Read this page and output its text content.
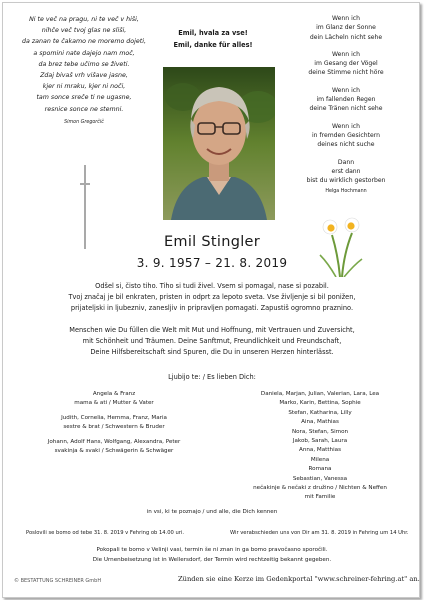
Ni te več na pragu, ni te več v hiši,
nihče več tvoj glas ne sliši,
da zanan te čakamo ne moremo dojeti,
a spomini nate dajejo nam moč,
da brez tebe učimo se živeti.
Zdaj bivaš vrh višave jasne,
kjer ni mraku, kjer ni noči,
tam sonce sreče ti ne ugasne,
resnice sonce ne stemni.
Simon Gregorčič
Emil, hvala za vse!
Emil, danke für alles!
Wenn ich
im Glanz der Sonne
dein Lächeln nicht sehe
Wenn ich
im Gesang der Vögel
deine Stimme nicht höre
Wenn ich
im fallenden Regen
deine Tränen nicht sehe
Wenn ich
in fremden Gesichtern
deines nicht suche
Dann
erst dann
bist du wirklich gestorben
Helga Hochmann
Emil Stingler
3. 9. 1957 – 21. 8. 2019
Odšel si, čisto tiho. Tiho si tudi živel. Vsem si pomagal, nase si pozabil.
Tvoj značaj je bil enkraten, pristen in odprt za lepoto sveta. Vse življenje si bil ponižen,
prijateljski in ljubezniv, zanesljiv in pripravljen pomagati. Zapustiš ogromno praznino.
Menschen wie Du füllen die Welt mit Mut und Hoffnung, mit Vertrauen und Zuversicht,
mit Schönheit und Träumen. Deine Sanftmut, Freundlichkeit und Freundschaft,
Deine Hilfsbereitschaft sind Spuren, die Du in unseren Herzen hinterlässt.
Ljubijo te: / Es lieben Dich:
Angela & Franz
mama & ati / Mutter & Vater
Judith, Cornelia, Hemma, Franz, Maria
sestre & brat / Schwestern & Bruder
Johann, Adolf Hans, Wolfgang, Alexandra, Peter
svakinja & svaki / Schwägerin & Schwäger
Daniela, Marjan, Julian, Valerian, Lara, Lea
Marko, Karin, Bettina, Sophie
Stefan, Katharina, Lilly
Aina, Mathias
Nora, Stefan, Simon
Jakob, Sarah, Laura
Anna, Matthias
Milena
Romana
Sebastian, Vanessa
nečakinje & nečaki z družino / Nichten & Neffen
mit Familie
in vsi, ki te poznajo / und alle, die Dich kennen
Poslovili se bomo od tebe 31. 8. 2019 v Fehring ob 14.00 uri.	Wir verabschieden uns von Dir am 31. 8. 2019 in Fehring um 14 Uhr.
Pokopali te bomo v Velinji vasi, termin še ni znan in ga bomo pravočasno sporočili.
Die Urnenbeisetzung ist in Wellersdorf, der Termin wird rechtzeitig bekannt gegeben.
© BESTATTUNG SCHREINER GmbH	Zünden sie eine Kerze im Gedenkportal "www.schreiner-fehring.at" an.
